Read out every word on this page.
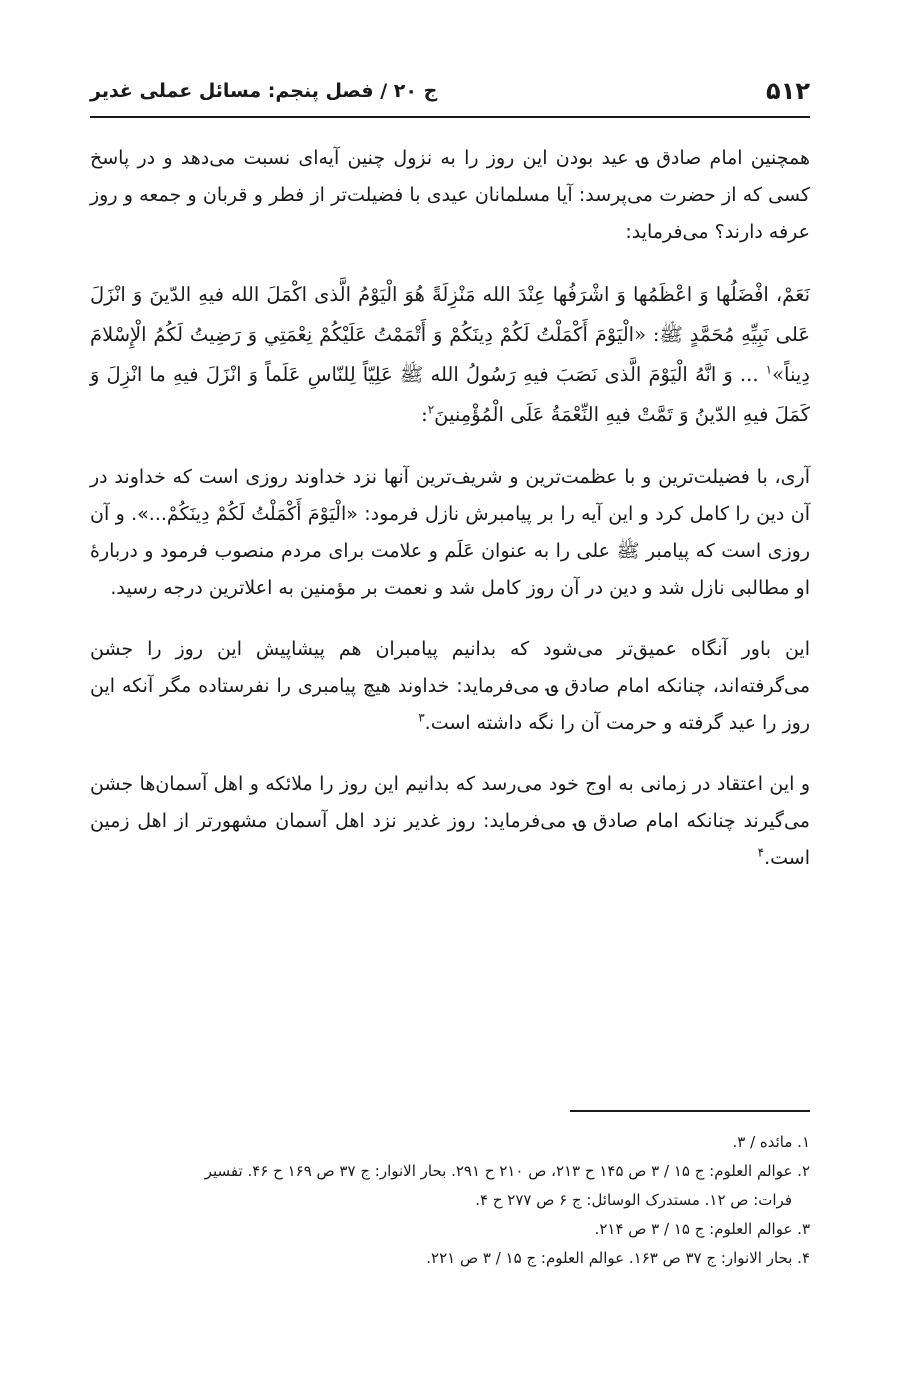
۵۱۲
ج ۲۰ / فصل پنجم: مسائل عملی غدیر

همچنین امام صادق ؈ عید بودن این روز را به نزول چنین آیه‌ای نسبت می‌دهد و در پاسخ کسی که از حضرت می‌پرسد: آیا مسلمانان عیدی با فضیلت‌تر از فطر و قربان و جمعه و روز عرفه دارند؟ می‌فرماید:

نَعَمْ، افْضَلُها وَ اعْظَمُها وَ اشْرَفُها عِنْدَ الله مَنْزِلَةً هُوَ الْيَوْمُ الَّذى اكْمَلَ الله فيهِ الدّينَ وَ انْزَلَ عَلى نَبِيِّهِ مُحَمَّدٍ ﷺ: «الْيَوْمَ أَكْمَلْتُ لَكُمْ دِينَكُمْ وَ أَتْمَمْتُ عَلَيْكُمْ نِعْمَتِي وَ رَضِيتُ لَكُمُ الْإِسْلامَ دِيناً»$^۱$ ... وَ انَّهُ الْيَوْمَ الَّذى نَصَبَ فيهِ رَسُولُ الله ﷺ عَلِيّاً لِلنّاسِ عَلَماً وَ انْزَلَ فيهِ ما انْزِلَ وَ كَمَلَ فيهِ الدّينُ وَ تَمَّتْ فيهِ النِّعْمَةُ عَلَى الْمُؤْمِنينَ$^۲$:

آری، با فضیلت‌ترین و با عظمت‌ترین و شریف‌ترین آنها نزد خداوند روزی است که خداوند در آن دین را کامل کرد و این آیه را بر پیامبرش نازل فرمود: «الْيَوْمَ أَكْمَلْتُ لَكُمْ دِينَكُمْ...». و آن روزی است که پیامبر ﷺ علی را به عنوان عَلَم و علامت برای مردم منصوب فرمود و دربارهٔ او مطالبی نازل شد و دین در آن روز کامل شد و نعمت بر مؤمنین به اعلاترین درجه رسید.

این باور آنگاه عمیق‌تر می‌شود که بدانیم پیامبران هم پیشاپیش این روز را جشن می‌گرفته‌اند، چنانکه امام صادق ؈ می‌فرماید: خداوند هیچ پیامبری را نفرستاده مگر آنکه این روز را عید گرفته و حرمت آن را نگه داشته است.$^۳$

و این اعتقاد در زمانی به اوج خود می‌رسد که بدانیم این روز را ملائکه و اهل آسمان‌ها جشن می‌گیرند چنانکه امام صادق ؈ می‌فرماید: روز غدیر نزد اهل آسمان مشهورتر از اهل زمین است.$^۴$

۱. مائده / ۳.
۲. عوالم العلوم: ج ۱۵ / ۳ ص ۱۴۵ ح ۲۱۳، ص ۲۱۰ ح ۲۹۱. بحار الانوار: ج ۳۷ ص ۱۶۹ ح ۴۶. تفسیر
فرات: ص ۱۲. مستدرک الوسائل: ج ۶ ص ۲۷۷ ح ۴.
۳. عوالم العلوم: ج ۱۵ / ۳ ص ۲۱۴.
۴. بحار الانوار: ج ۳۷ ص ۱۶۳. عوالم العلوم: ج ۱۵ / ۳ ص ۲۲۱.
